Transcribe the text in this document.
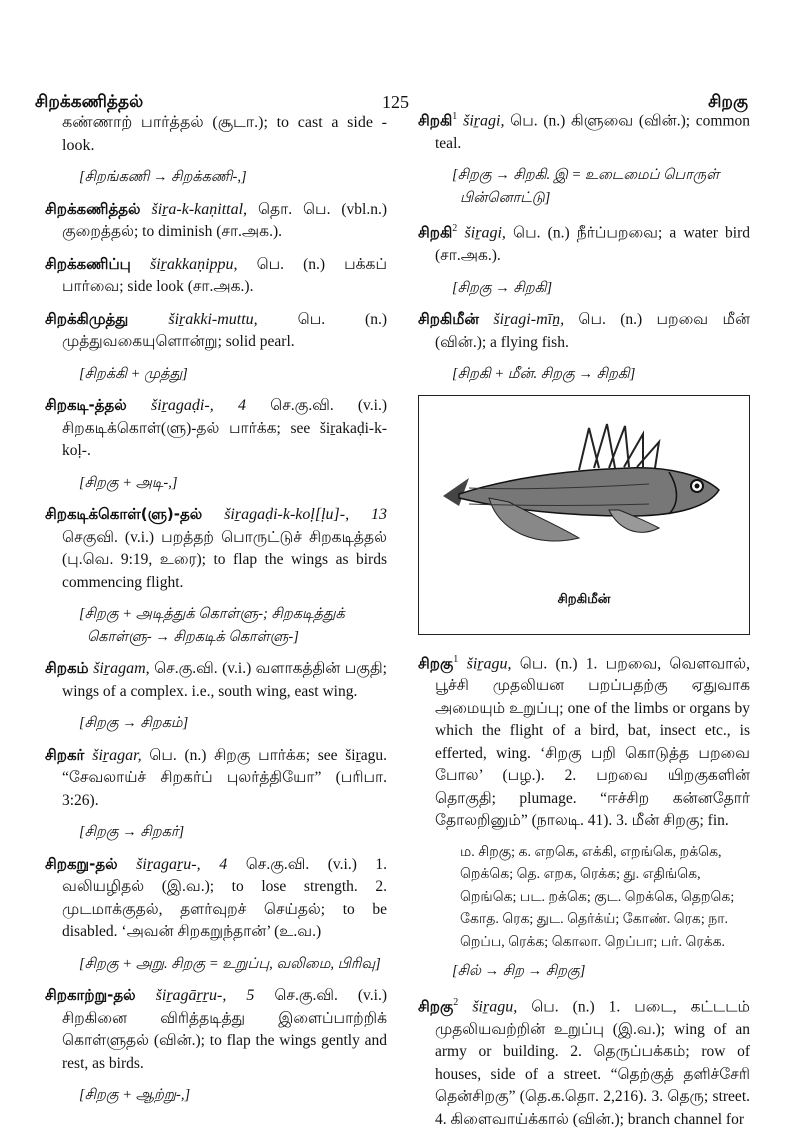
சிறக்கணித்தல்	125	சிறகு

கண்ணாற் பார்த்தல் (சூடா.); to cast a side - look.

[சிறங்கணி → சிறக்கணி-,]

சிறக்கணித்தல் šiṟa-k-kaṇittal, தொ. பெ. (vbl.n.) குறைத்தல்; to diminish (சா.அக.).

சிறக்கணிப்பு šiṟakkaṇippu, பெ. (n.) பக்கப் பார்வை; side look (சா.அக.).

சிறக்கிமுத்து	šiṟakki-muttu, பெ. (n.) முத்துவகையுளொன்று; solid pearl.

[சிறக்கி + முத்து]

சிறகடி-த்தல் šiṟagaḍi-, 4 செ.கு.வி. (v.i.) சிறகடிக்கொள்(ளு)-தல் பார்க்க; see šiṟakaḍi-k-koḷ-.

[சிறகு + அடி-,]

சிறகடிக்கொள்(ளு)-தல் šiṟagaḍi-k-koḷ[ḷu]-, 13 செகுவி. (v.i.) பறத்தற் பொருட்டுச் சிறகடித்தல் (பு.வெ. 9:19, உரை); to flap the wings as birds commencing flight.

[சிறகு + அடித்துக் கொள்ளு-; சிறகடித்துக் கொள்ளு- → சிறகடிக் கொள்ளு-]

சிறகம் šiṟagam, செ.கு.வி. (v.i.) வளாகத்தின் பகுதி; wings of a complex. i.e., south wing, east wing.

[சிறகு → சிறகம்]

சிறகர் šiṟagar, பெ. (n.) சிறகு பார்க்க; see šiṟagu. “சேவலாய்ச் சிறகர்ப் புலர்த்தியோ” (பரிபா. 3:26).

[சிறகு → சிறகர்]

சிறகறு-தல் šiṟagaṟu-, 4 செ.கு.வி. (v.i.) 1. வலியழிதல் (இ.வ.); to lose strength. 2. முடமாக்குதல், தளர்வுறச் செய்தல்; to be disabled. ‘அவன் சிறகறுந்தான்’ (உ.வ.)

[சிறகு + அறு. சிறகு = உறுப்பு, வலிமை, பிரிவு]

சிறகாற்று-தல் šiṟagāṟṟu-, 5 செ.கு.வி. (v.i.) சிறகினை விரித்தடித்து இளைப்பாற்றிக் கொள்ளுதல் (வின்.); to flap the wings gently and rest, as birds.

[சிறகு + ஆற்று-,]

சிறகி$^1$ šiṟagi, பெ. (n.) கிளுவை (வின்.); common teal.

[சிறகு → சிறகி. இ = உடைமைப் பொருள் பின்னொட்டு]

சிறகி$^2$ šiṟagi, பெ. (n.) நீர்ப்பறவை; a water bird (சா.அக.).

[சிறகு → சிறகி]

சிறகிமீன் šiṟagi-mīṉ, பெ. (n.) பறவை மீன் (வின்.); a flying fish.

[சிறகி + மீன். சிறகு → சிறகி]

சிறகிமீன்

சிறகு$^1$ šiṟagu, பெ. (n.) 1. பறவை, வெளவால், பூச்சி முதலியன பறப்பதற்கு ஏதுவாக அமையும் உறுப்பு; one of the limbs or organs by which the flight of a bird, bat, insect etc., is efferted, wing. ‘சிறகு பறி கொடுத்த பறவை போல’ (பழ.). 2. பறவை யிறகுகளின் தொகுதி; plumage. “ஈச்சிற கன்னதோர் தோலறினும்” (நாலடி. 41). 3. மீன் சிறகு; fin.

ம. சிறகு; க. எறகெ, எக்கி, எறங்கெ, றக்கெ, றெக்கெ; தெ. எறக, ரெக்க; து. எதிங்கெ, றெங்கெ; பட. றக்கெ; குட. றெக்கெ, தெறகெ; கோத. ரெக; துட. தெர்க்ய்; கோண். ரெக; நா. றெப்ப, ரெக்க; கொலா. றெப்பா; பர். ரெக்க.

[சில் → சிற → சிறகு]

சிறகு$^2$ šiṟagu, பெ. (n.) 1. படை, கட்டடம் முதலியவற்றின் உறுப்பு (இ.வ.); wing of an army or building. 2. தெருப்பக்கம்; row of houses, side of a street. “தெற்குத் தளிச்சேரி தென்சிறகு” (தெ.க.தொ. 2,216). 3. தெரு; street. 4. கிளைவாய்க்கால் (வின்.); branch channel for
